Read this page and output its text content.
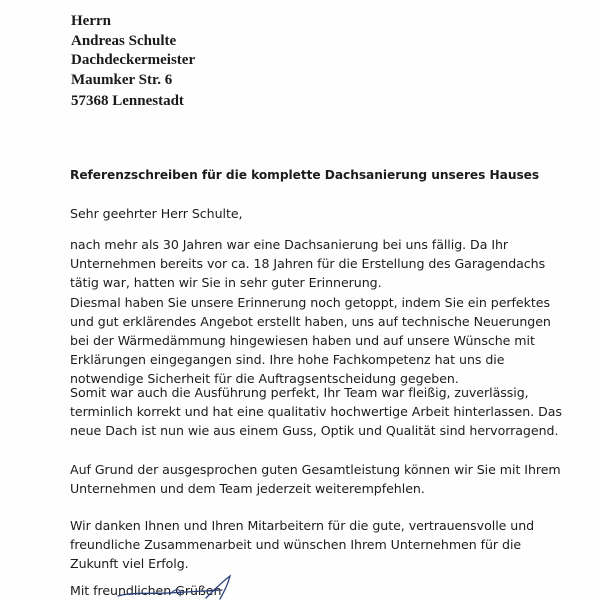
Herrn
Andreas Schulte
Dachdeckermeister
Maumker Str. 6
57368 Lennestadt
Referenzschreiben für die komplette Dachsanierung unseres Hauses
Sehr geehrter Herr Schulte,
nach mehr als 30 Jahren war eine Dachsanierung bei uns fällig. Da Ihr
Unternehmen bereits vor ca. 18 Jahren für die Erstellung des Garagendachs
tätig war, hatten wir Sie in sehr guter Erinnerung.
Diesmal haben Sie unsere Erinnerung noch getoppt, indem Sie ein perfektes
und gut erklärendes Angebot erstellt haben, uns auf technische Neuerungen
bei der Wärmedämmung hingewiesen haben und auf unsere Wünsche mit
Erklärungen eingegangen sind. Ihre hohe Fachkompetenz hat uns die
notwendige Sicherheit für die Auftragsentscheidung gegeben.
Somit war auch die Ausführung perfekt, Ihr Team war fleißig, zuverlässig,
terminlich korrekt und hat eine qualitativ hochwertige Arbeit hinterlassen. Das
neue Dach ist nun wie aus einem Guss, Optik und Qualität sind hervorragend.
Auf Grund der ausgesprochen guten Gesamtleistung können wir Sie mit Ihrem
Unternehmen und dem Team jederzeit weiterempfehlen.
Wir danken Ihnen und Ihren Mitarbeitern für die gute, vertrauensvolle und
freundliche Zusammenarbeit und wünschen Ihrem Unternehmen für die
Zukunft viel Erfolg.
Mit freundlichen Grüßen
